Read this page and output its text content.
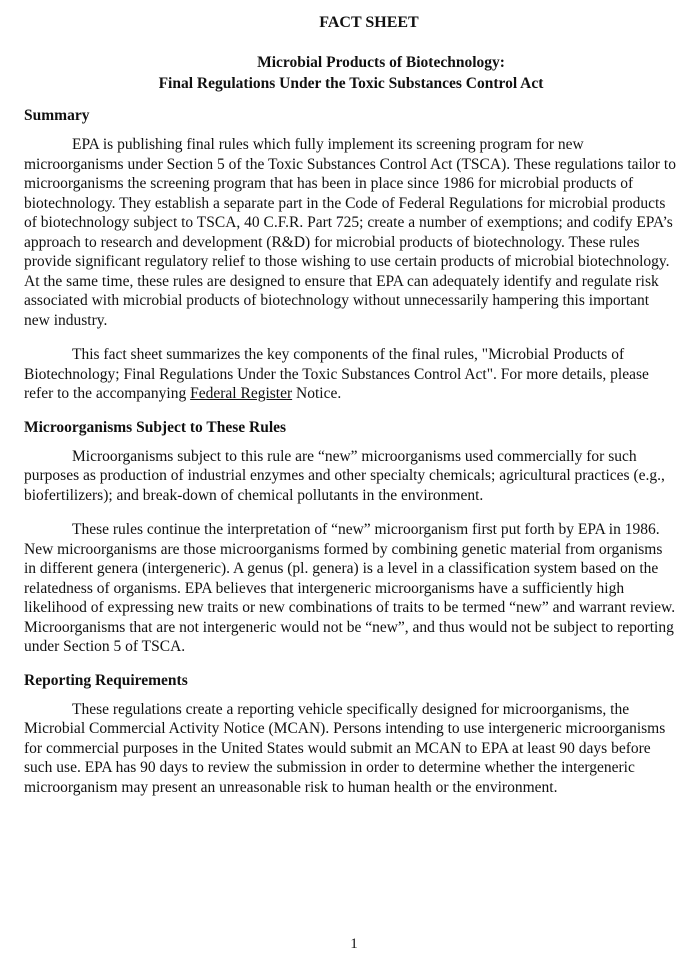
FACT SHEET
Microbial Products of Biotechnology:
Final Regulations Under the Toxic Substances Control Act
Summary

EPA is publishing final rules which fully implement its screening program for new microorganisms under Section 5 of the Toxic Substances Control Act (TSCA). These regulations tailor to microorganisms the screening program that has been in place since 1986 for microbial products of biotechnology. They establish a separate part in the Code of Federal Regulations for microbial products of biotechnology subject to TSCA, 40 C.F.R. Part 725; create a number of exemptions; and codify EPA’s approach to research and development (R&D) for microbial products of biotechnology. These rules provide significant regulatory relief to those wishing to use certain products of microbial biotechnology. At the same time, these rules are designed to ensure that EPA can adequately identify and regulate risk associated with microbial products of biotechnology without unnecessarily hampering this important new industry.

This fact sheet summarizes the key components of the final rules, "Microbial Products of Biotechnology; Final Regulations Under the Toxic Substances Control Act". For more details, please refer to the accompanying Federal Register Notice.

Microorganisms Subject to These Rules

Microorganisms subject to this rule are “new” microorganisms used commercially for such purposes as production of industrial enzymes and other specialty chemicals; agricultural practices (e.g., biofertilizers); and break-down of chemical pollutants in the environment.

These rules continue the interpretation of “new” microorganism first put forth by EPA in 1986. New microorganisms are those microorganisms formed by combining genetic material from organisms in different genera (intergeneric). A genus (pl. genera) is a level in a classification system based on the relatedness of organisms. EPA believes that intergeneric microorganisms have a sufficiently high likelihood of expressing new traits or new combinations of traits to be termed “new” and warrant review. Microorganisms that are not intergeneric would not be “new”, and thus would not be subject to reporting under Section 5 of TSCA.

Reporting Requirements

These regulations create a reporting vehicle specifically designed for microorganisms, the Microbial Commercial Activity Notice (MCAN). Persons intending to use intergeneric microorganisms for commercial purposes in the United States would submit an MCAN to EPA at least 90 days before such use. EPA has 90 days to review the submission in order to determine whether the intergeneric microorganism may present an unreasonable risk to human health or the environment.

1
